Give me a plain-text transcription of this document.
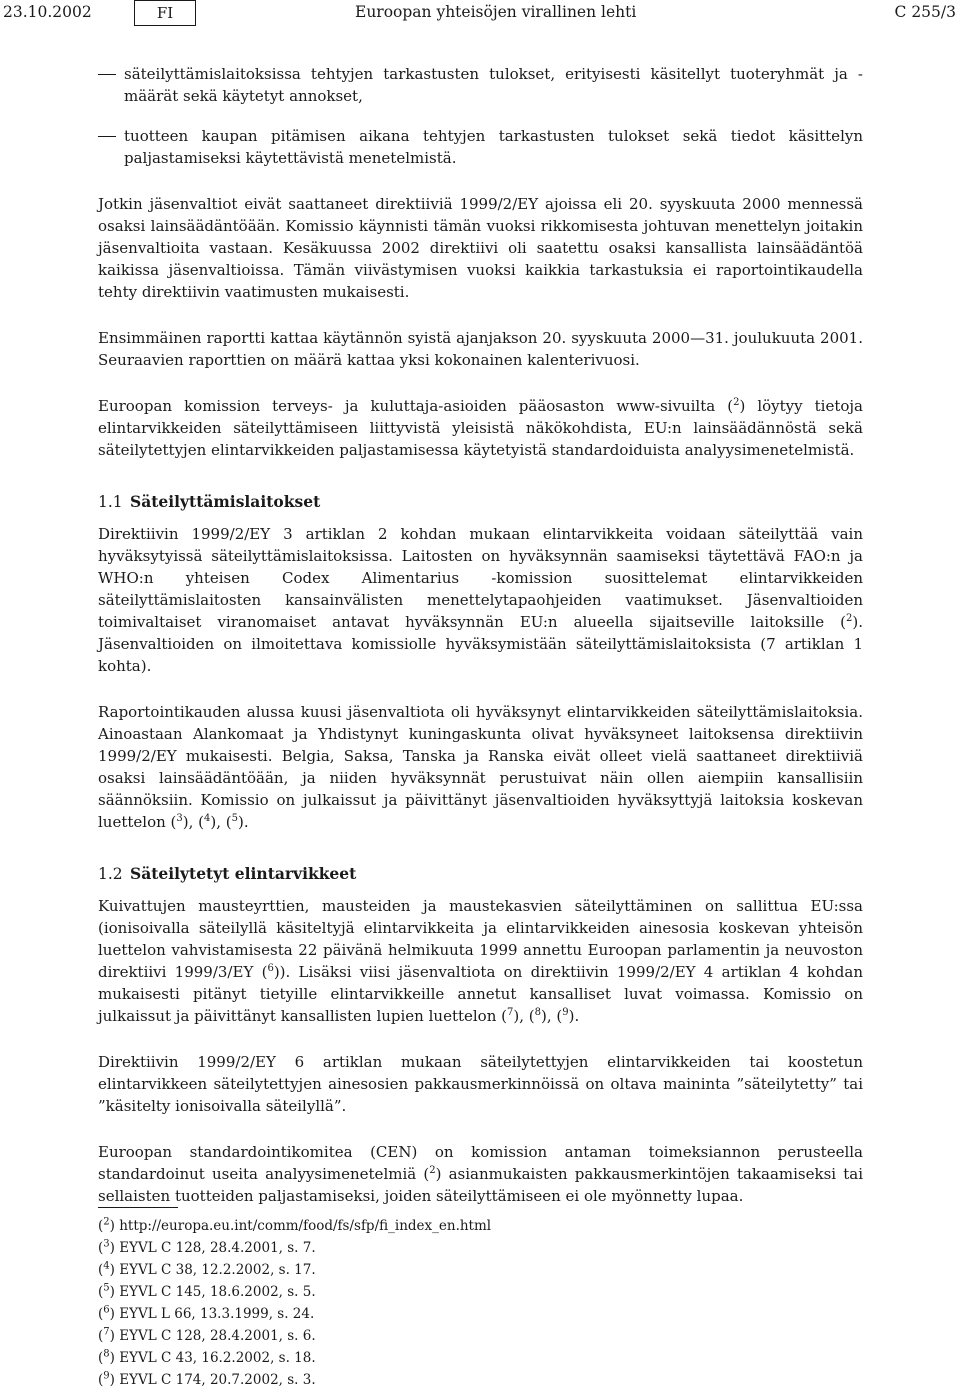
23.10.2002	FI	Euroopan yhteisöjen virallinen lehti	C 255/3
säteilyttämislaitoksissa tehtyjen tarkastusten tulokset, erityisesti käsitellyt tuoteryhmät ja -määrät sekä käytetyt annokset,
tuotteen kaupan pitämisen aikana tehtyjen tarkastusten tulokset sekä tiedot käsittelyn paljastamiseksi käytettävistä menetelmistä.

Jotkin jäsenvaltiot eivät saattaneet direktiiviä 1999/2/EY ajoissa eli 20. syyskuuta 2000 mennessä osaksi lainsäädäntöään. Komissio käynnisti tämän vuoksi rikkomisesta johtuvan menettelyn joitakin jäsenvaltioita vastaan. Kesäkuussa 2002 direktiivi oli saatettu osaksi kansallista lainsäädäntöä kaikissa jäsenvaltioissa. Tämän viivästymisen vuoksi kaikkia tarkastuksia ei raportointikaudella tehty direktiivin vaatimusten mukaisesti.

Ensimmäinen raportti kattaa käytännön syistä ajanjakson 20. syyskuuta 2000—31. joulukuuta 2001. Seuraavien raporttien on määrä kattaa yksi kokonainen kalenterivuosi.

Euroopan komission terveys- ja kuluttaja-asioiden pääosaston www-sivuilta ($^2$) löytyy tietoja elintarvikkeiden säteilyttämiseen liittyvistä yleisistä näkökohdista, EU:n lainsäädännöstä sekä säteilytettyjen elintarvikkeiden paljastamisessa käytetyistä standardoiduista analyysimenetelmistä.

1.1 Säteilyttämislaitokset

Direktiivin 1999/2/EY 3 artiklan 2 kohdan mukaan elintarvikkeita voidaan säteilyttää vain hyväksytyissä säteilyttämislaitoksissa. Laitosten on hyväksynnän saamiseksi täytettävä FAO:n ja WHO:n yhteisen Codex Alimentarius -komission suosittelemat elintarvikkeiden säteilyttämislaitosten kansainvälisten menettelytapaohjeiden vaatimukset. Jäsenvaltioiden toimivaltaiset viranomaiset antavat hyväksynnän EU:n alueella sijaitseville laitoksille ($^2$). Jäsenvaltioiden on ilmoitettava komissiolle hyväksymistään säteilyttämislaitoksista (7 artiklan 1 kohta).

Raportointikauden alussa kuusi jäsenvaltiota oli hyväksynyt elintarvikkeiden säteilyttämislaitoksia. Ainoastaan Alankomaat ja Yhdistynyt kuningaskunta olivat hyväksyneet laitoksensa direktiivin 1999/2/EY mukaisesti. Belgia, Saksa, Tanska ja Ranska eivät olleet vielä saattaneet direktiiviä osaksi lainsäädäntöään, ja niiden hyväksynnät perustuivat näin ollen aiempiin kansallisiin säännöksiin. Komissio on julkaissut ja päivittänyt jäsenvaltioiden hyväksyttyjä laitoksia koskevan luettelon ($^3$), ($^4$), ($^5$).

1.2 Säteilytetyt elintarvikkeet

Kuivattujen mausteyrttien, mausteiden ja maustekasvien säteilyttäminen on sallittua EU:ssa (ionisoivalla säteilyllä käsiteltyjä elintarvikkeita ja elintarvikkeiden ainesosia koskevan yhteisön luettelon vahvistamisesta 22 päivänä helmikuuta 1999 annettu Euroopan parlamentin ja neuvoston direktiivi 1999/3/EY ($^6$)). Lisäksi viisi jäsenvaltiota on direktiivin 1999/2/EY 4 artiklan 4 kohdan mukaisesti pitänyt tietyille elintarvikkeille annetut kansalliset luvat voimassa. Komissio on julkaissut ja päivittänyt kansallisten lupien luettelon ($^7$), ($^8$), ($^9$).

Direktiivin 1999/2/EY 6 artiklan mukaan säteilytettyjen elintarvikkeiden tai koostetun elintarvikkeen säteilytettyjen ainesosien pakkausmerkinnöissä on oltava maininta ”säteilytetty” tai ”käsitelty ionisoivalla säteilyllä”.

Euroopan standardointikomitea (CEN) on komission antaman toimeksiannon perusteella standardoinut useita analyysimenetelmiä ($^2$) asianmukaisten pakkausmerkintöjen takaamiseksi tai sellaisten tuotteiden paljastamiseksi, joiden säteilyttämiseen ei ole myönnetty lupaa.

($^2$) http://europa.eu.int/comm/food/fs/sfp/fi_index_en.html
($^3$) EYVL C 128, 28.4.2001, s. 7.
($^4$) EYVL C 38, 12.2.2002, s. 17.
($^5$) EYVL C 145, 18.6.2002, s. 5.
($^6$) EYVL L 66, 13.3.1999, s. 24.
($^7$) EYVL C 128, 28.4.2001, s. 6.
($^8$) EYVL C 43, 16.2.2002, s. 18.
($^9$) EYVL C 174, 20.7.2002, s. 3.
